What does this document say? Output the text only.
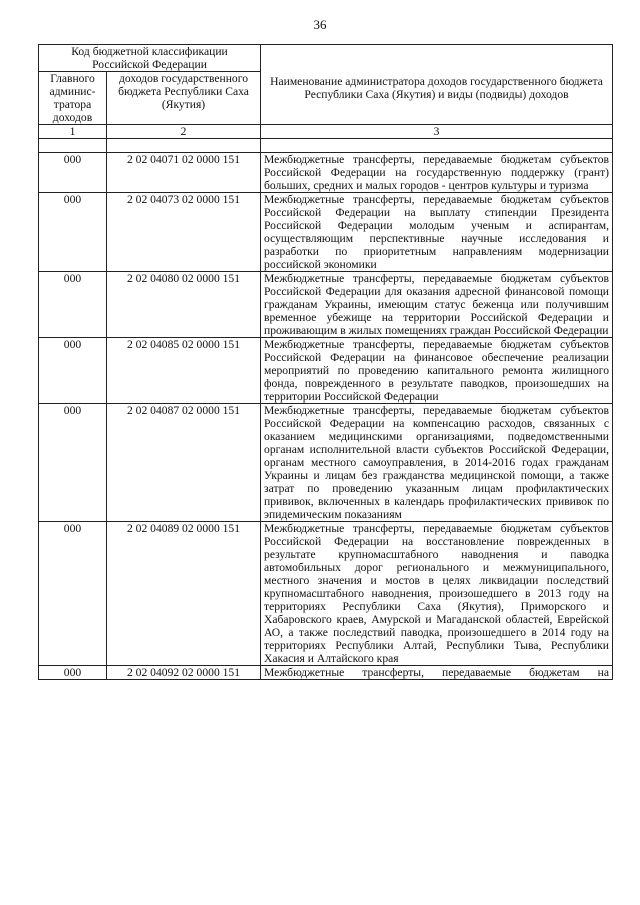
36
Код бюджетной классификации Российской Федерации		Наименование администратора доходов государственного бюджета Республики Саха (Якутия) и виды (подвиды) доходов
Главного админис-тратора доходов	доходов государственного бюджета Республики Саха (Якутия)	
1	2	3

000	2 02 04071 02 0000 151	Межбюджетные трансферты, передаваемые бюджетам субъектов Российской Федерации на государственную поддержку (грант) больших, средних и малых городов - центров культуры и туризма
000	2 02 04073 02 0000 151	Межбюджетные трансферты, передаваемые бюджетам субъектов Российской Федерации на выплату стипендии Президента Российской Федерации молодым ученым и аспирантам, осуществляющим перспективные научные исследования и разработки по приоритетным направлениям модернизации российской экономики
000	2 02 04080 02 0000 151	Межбюджетные трансферты, передаваемые бюджетам субъектов Российской Федерации для оказания адресной финансовой помощи гражданам Украины, имеющим статус беженца или получившим временное убежище на территории Российской Федерации и проживающим в жилых помещениях граждан Российской Федерации
000	2 02 04085 02 0000 151	Межбюджетные трансферты, передаваемые бюджетам субъектов Российской Федерации на финансовое обеспечение реализации мероприятий по проведению капитального ремонта жилищного фонда, поврежденного в результате паводков, произошедших на территории Российской Федерации
000	2 02 04087 02 0000 151	Межбюджетные трансферты, передаваемые бюджетам субъектов Российской Федерации на компенсацию расходов, связанных с оказанием медицинскими организациями, подведомственными органам исполнительной власти субъектов Российской Федерации, органам местного самоуправления, в 2014-2016 годах гражданам Украины и лицам без гражданства медицинской помощи, а также затрат по проведению указанным лицам профилактических прививок, включенных в календарь профилактических прививок по эпидемическим показаниям
000	2 02 04089 02 0000 151	Межбюджетные трансферты, передаваемые бюджетам субъектов Российской Федерации на восстановление поврежденных в результате крупномасштабного наводнения и паводка автомобильных дорог регионального и межмуниципального, местного значения и мостов в целях ликвидации последствий крупномасштабного наводнения, произошедшего в 2013 году на территориях Республики Саха (Якутия), Приморского и Хабаровского краев, Амурской и Магаданской областей, Еврейской АО, а также последствий паводка, произошедшего в 2014 году на территориях Республики Алтай, Республики Тыва, Республики Хакасия и Алтайского края
000	2 02 04092 02 0000 151	Межбюджетные трансферты, передаваемые бюджетам на
